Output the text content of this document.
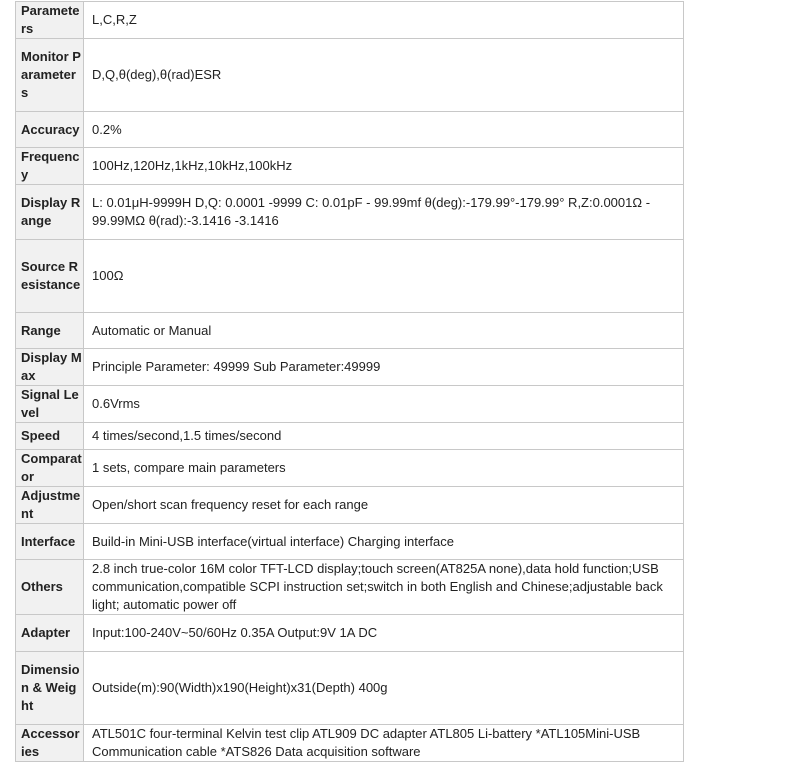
Parameters	L,C,R,Z
Monitor Parameters	D,Q,θ(deg),θ(rad)ESR
Accuracy	0.2%
Frequency	100Hz,120Hz,1kHz,10kHz,100kHz
Display Range	L: 0.01μH-9999H D,Q: 0.0001 -9999 C: 0.01pF - 99.99mf θ(deg):-179.99°-179.99° R,Z:0.0001Ω - 99.99MΩ θ(rad):-3.1416 -3.1416
Source Resistance	100Ω
Range	Automatic or Manual
Display Max	Principle Parameter: 49999 Sub Parameter:49999
Signal Level	0.6Vrms
Speed	4 times/second,1.5 times/second
Comparator	1 sets, compare main parameters
Adjustment	Open/short scan frequency reset for each range
Interface	Build-in Mini-USB interface(virtual interface) Charging interface
Others	2.8 inch true-color 16M color TFT-LCD display;touch screen(AT825A none),data hold function;USB communication,compatible SCPI instruction set;switch in both English and Chinese;adjustable back light; automatic power off
Adapter	Input:100-240V~50/60Hz 0.35A Output:9V 1A DC
Dimension & Weight	Outside(m):90(Width)x190(Height)x31(Depth) 400g
Accessories	ATL501C four-terminal Kelvin test clip ATL909 DC adapter ATL805 Li-battery *ATL105Mini-USB Communication cable *ATS826 Data acquisition software
